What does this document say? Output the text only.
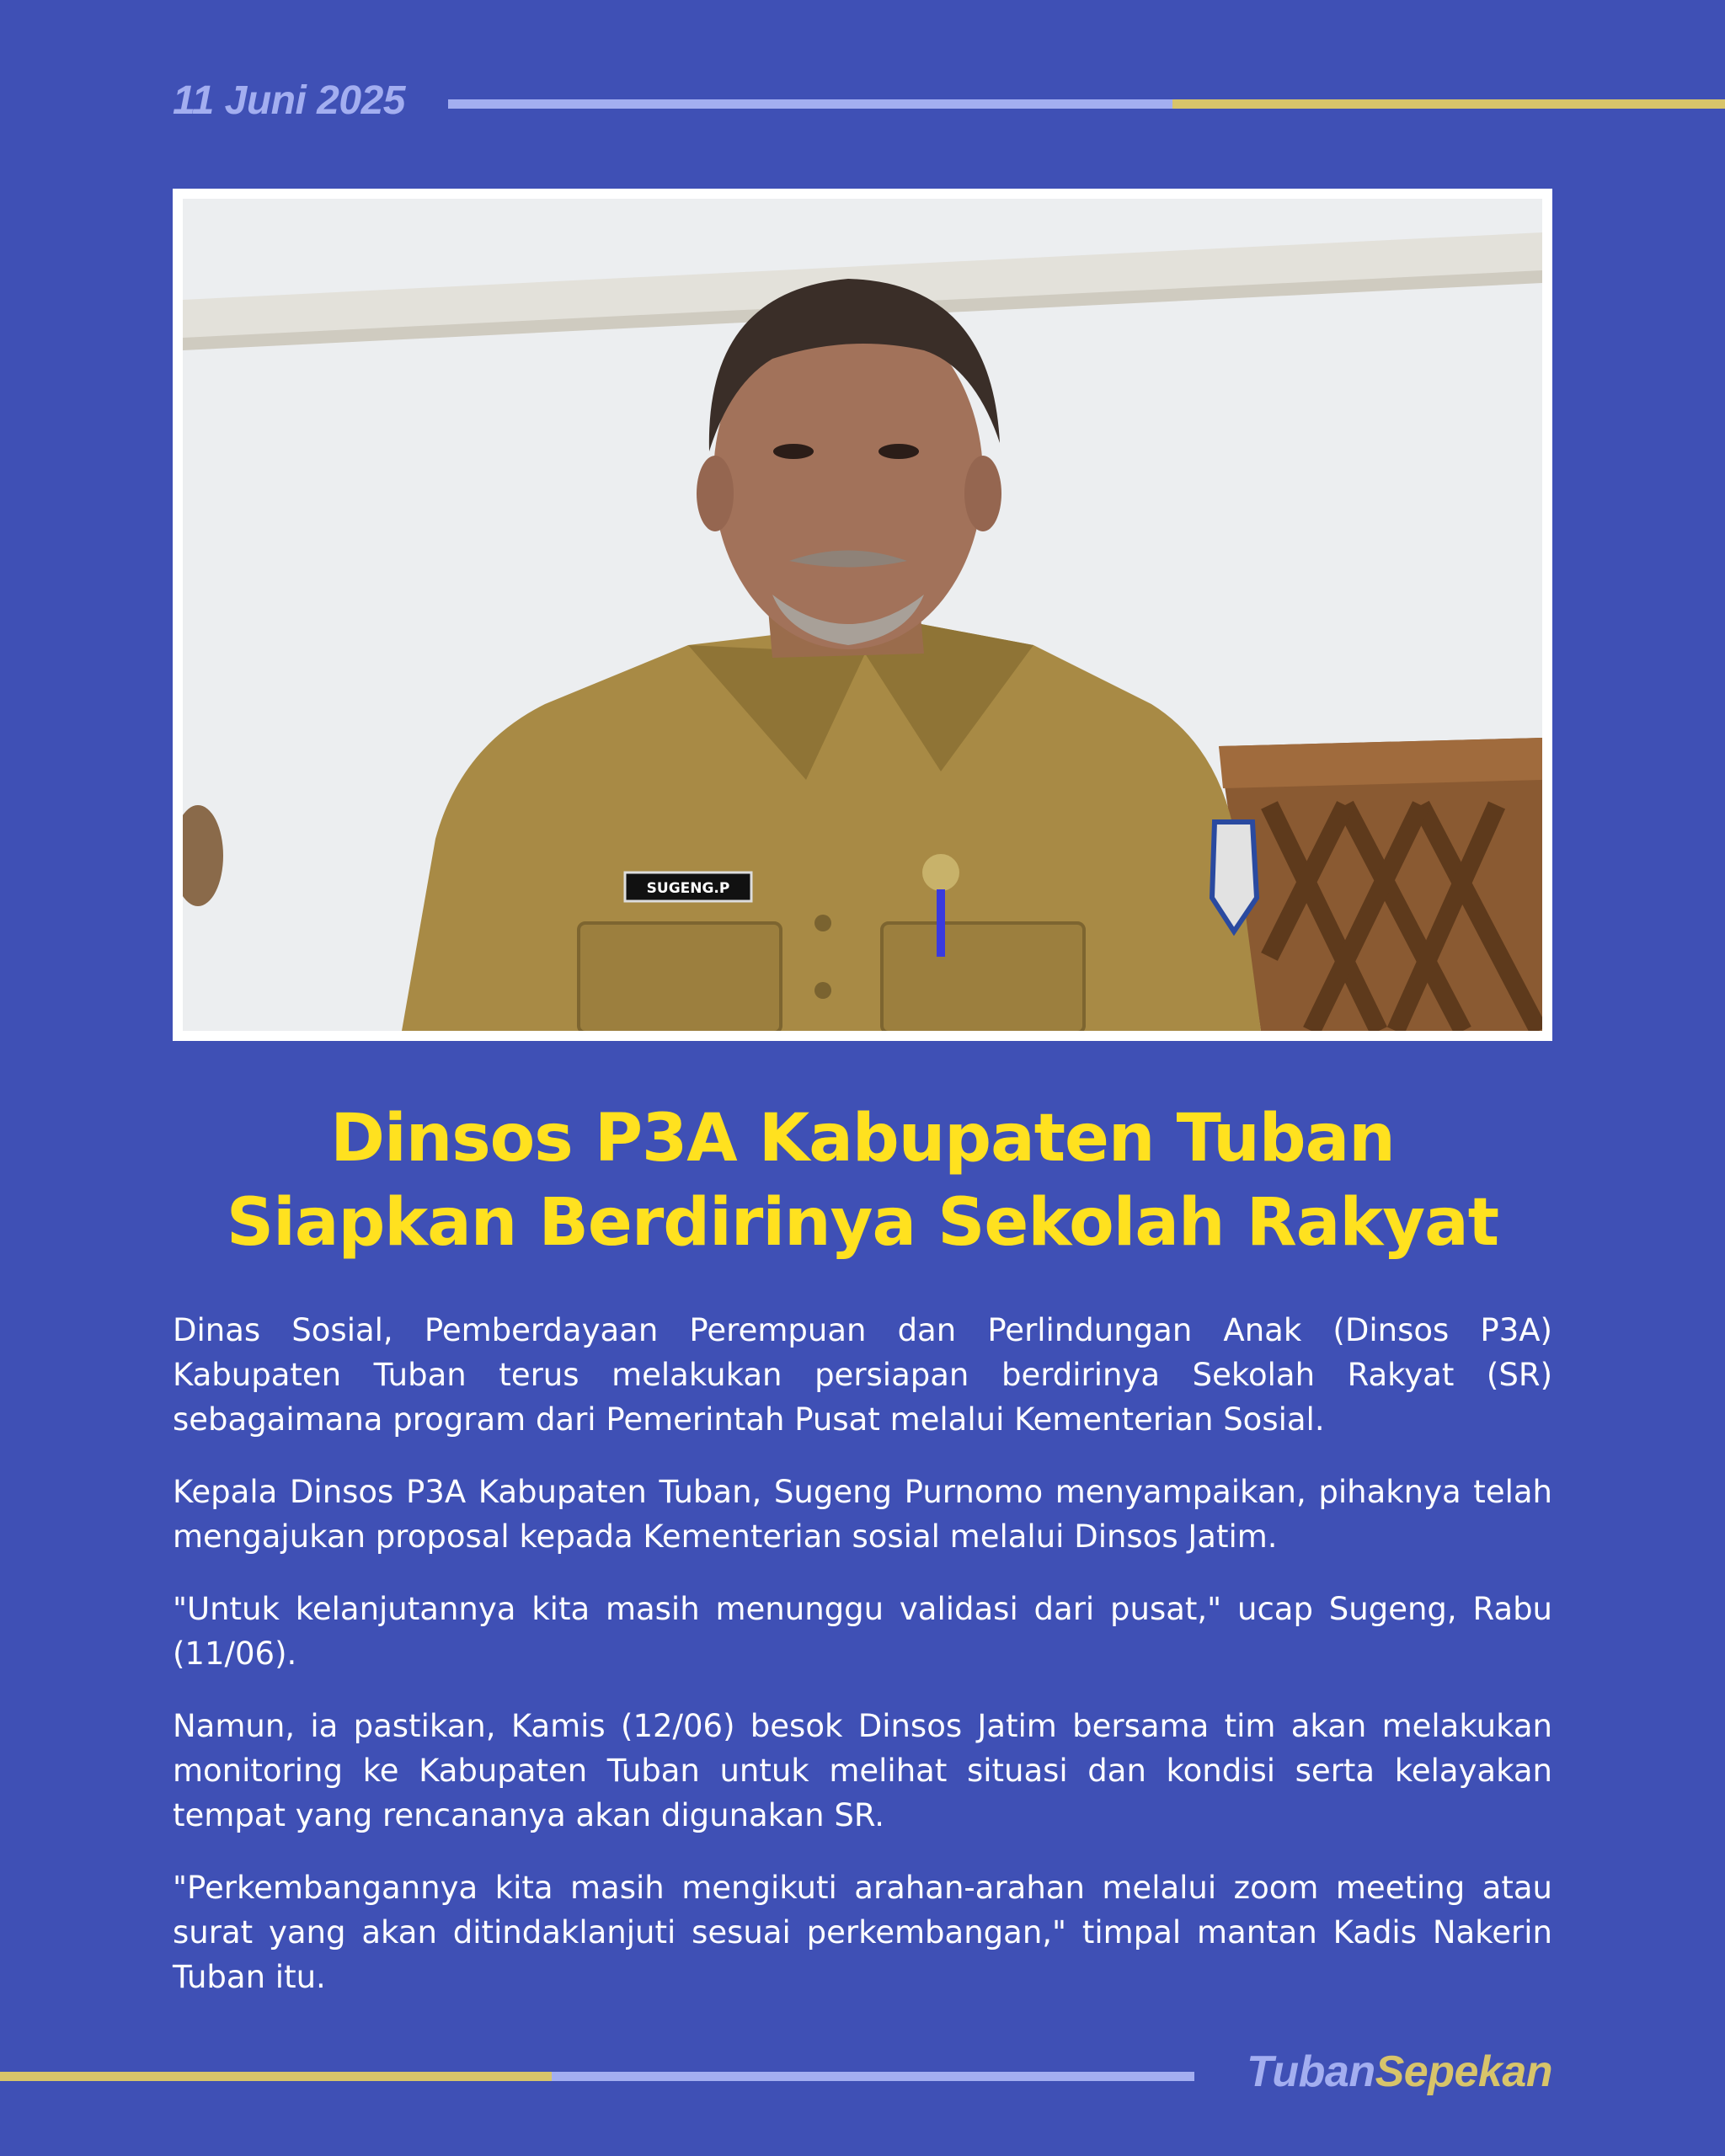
11 Juni 2025
SUGENG.P
Dinsos P3A Kabupaten Tuban
Siapkan Berdirinya Sekolah Rakyat

Dinas Sosial, Pemberdayaan Perempuan dan Perlindungan Anak (Dinsos P3A) Kabupaten Tuban terus melakukan persiapan berdirinya Sekolah Rakyat (SR) sebagaimana program dari Pemerintah Pusat melalui Kementerian Sosial.

Kepala Dinsos P3A Kabupaten Tuban, Sugeng Purnomo menyampaikan, pihaknya telah mengajukan proposal kepada Kementerian sosial melalui Dinsos Jatim.

"Untuk kelanjutannya kita masih menunggu validasi dari pusat," ucap Sugeng, Rabu (11/06).

Namun, ia pastikan, Kamis (12/06) besok Dinsos Jatim bersama tim akan melakukan monitoring ke Kabupaten Tuban untuk melihat situasi dan kondisi serta kelayakan tempat yang rencananya akan digunakan SR.

"Perkembangannya kita masih mengikuti arahan-arahan melalui zoom meeting atau surat yang akan ditindaklanjuti sesuai perkembangan," timpal mantan Kadis Nakerin Tuban itu.

TubanSepekan
